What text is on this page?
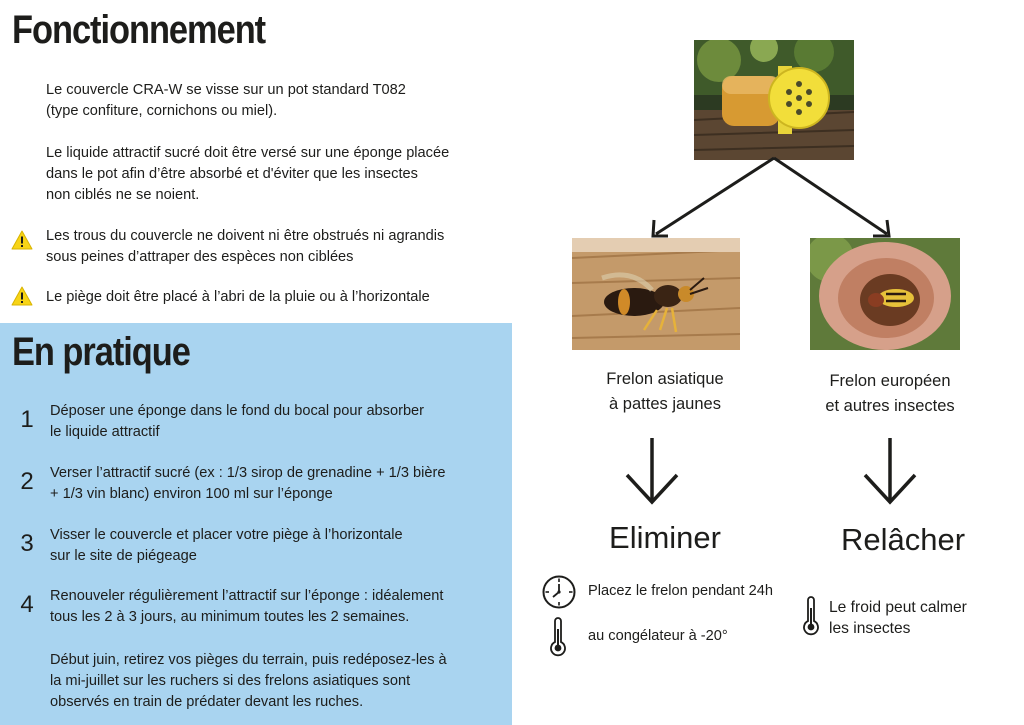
Fonctionnement
Le couvercle CRA-W se visse sur un pot standard T082
(type confiture, cornichons ou miel).
Le liquide attractif sucré doit être versé sur une éponge placée
dans le pot afin d’être absorbé et d'éviter que les insectes
non ciblés ne se noient.
Les trous du couvercle ne doivent ni être obstrués ni agrandis
sous peines d’attraper des espèces non ciblées
Le piège doit être placé à l’abri de la pluie ou à l’horizontale
En pratique
1	Déposer une éponge dans le fond du bocal pour absorber
le liquide attractif
2	Verser l’attractif sucré (ex : 1/3 sirop de grenadine + 1/3 bière
+ 1/3 vin blanc) environ 100 ml sur l’éponge
3	Visser le couvercle et placer votre piège à l’horizontale
sur le site de piégeage
4	Renouveler régulièrement l’attractif sur l’éponge : idéalement
tous les 2 à 3 jours, au minimum toutes les 2 semaines.
Début juin, retirez vos pièges du terrain, puis redéposez-les à
la mi-juillet sur les ruchers si des frelons asiatiques sont
observés en train de prédater devant les ruches.
Frelon asiatique
à pattes jaunes
Frelon européen
et autres insectes
Eliminer	Relâcher
Placez le frelon pendant 24h
au congélateur à -20°
Le froid peut calmer
les insectes
